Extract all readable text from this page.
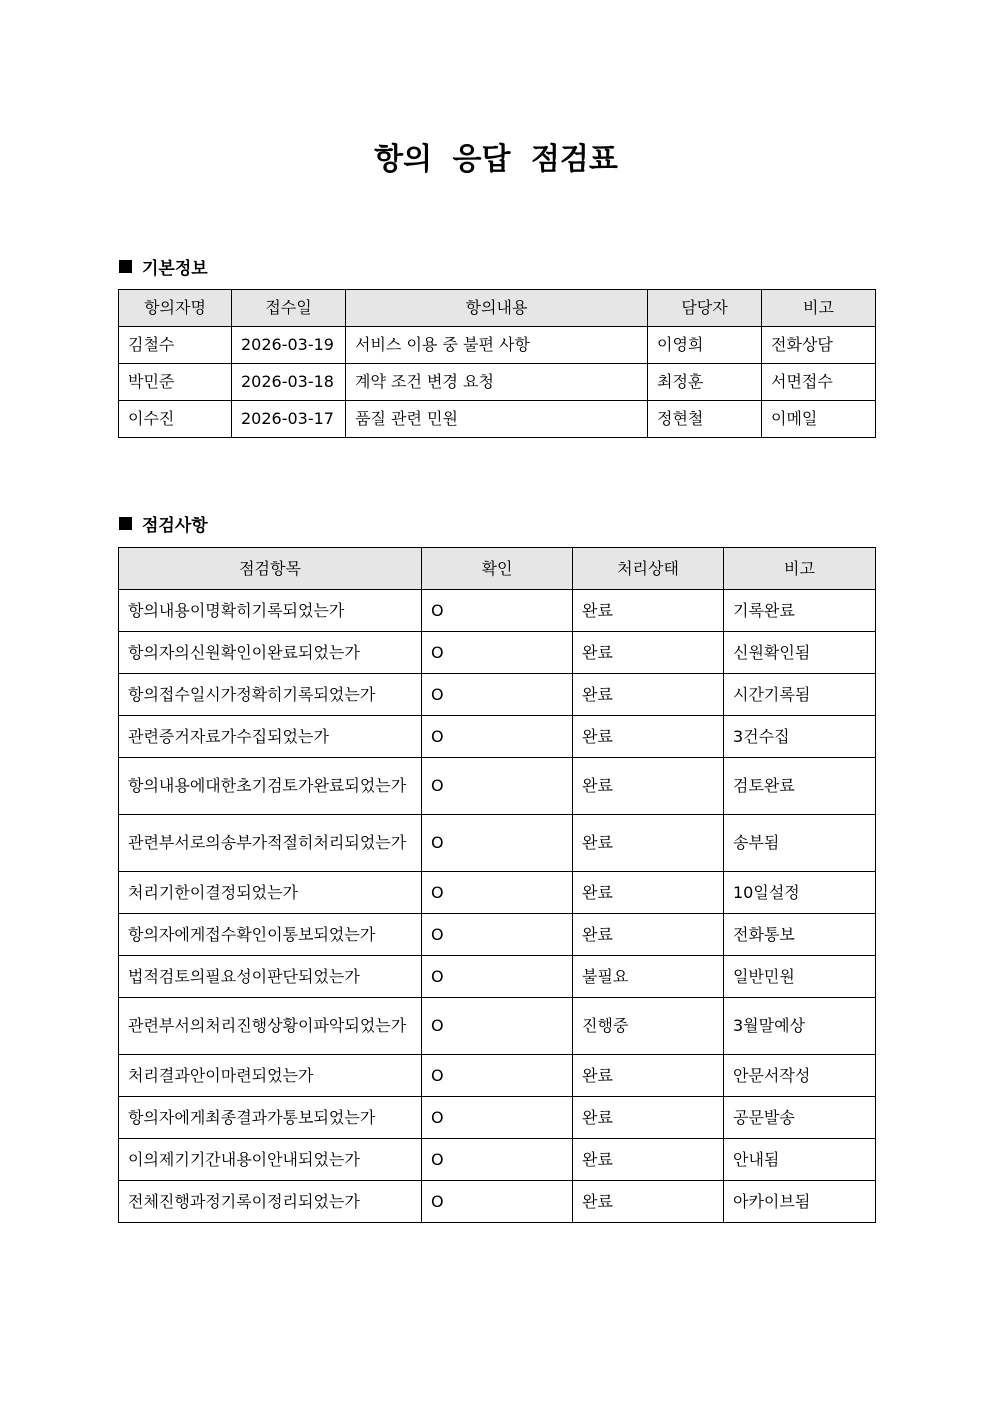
항의 응답 점검표
기본정보
항의자명	접수일	항의내용	담당자	비고
김철수	2026-03-19	서비스 이용 중 불편 사항	이영희	전화상담
박민준	2026-03-18	계약 조건 변경 요청	최정훈	서면접수
이수진	2026-03-17	품질 관련 민원	정현철	이메일
점검사항
점검항목	확인	처리상태	비고
항의내용이명확히기록되었는가	O	완료	기록완료
항의자의신원확인이완료되었는가	O	완료	신원확인됨
항의접수일시가정확히기록되었는가	O	완료	시간기록됨
관련증거자료가수집되었는가	O	완료	3건수집
항의내용에대한초기검토가완료되었는가	O	완료	검토완료
관련부서로의송부가적절히처리되었는가	O	완료	송부됨
처리기한이결정되었는가	O	완료	10일설정
항의자에게접수확인이통보되었는가	O	완료	전화통보
법적검토의필요성이판단되었는가	O	불필요	일반민원
관련부서의처리진행상황이파악되었는가	O	진행중	3월말예상
처리결과안이마련되었는가	O	완료	안문서작성
항의자에게최종결과가통보되었는가	O	완료	공문발송
이의제기기간내용이안내되었는가	O	완료	안내됨
전체진행과정기록이정리되었는가	O	완료	아카이브됨
